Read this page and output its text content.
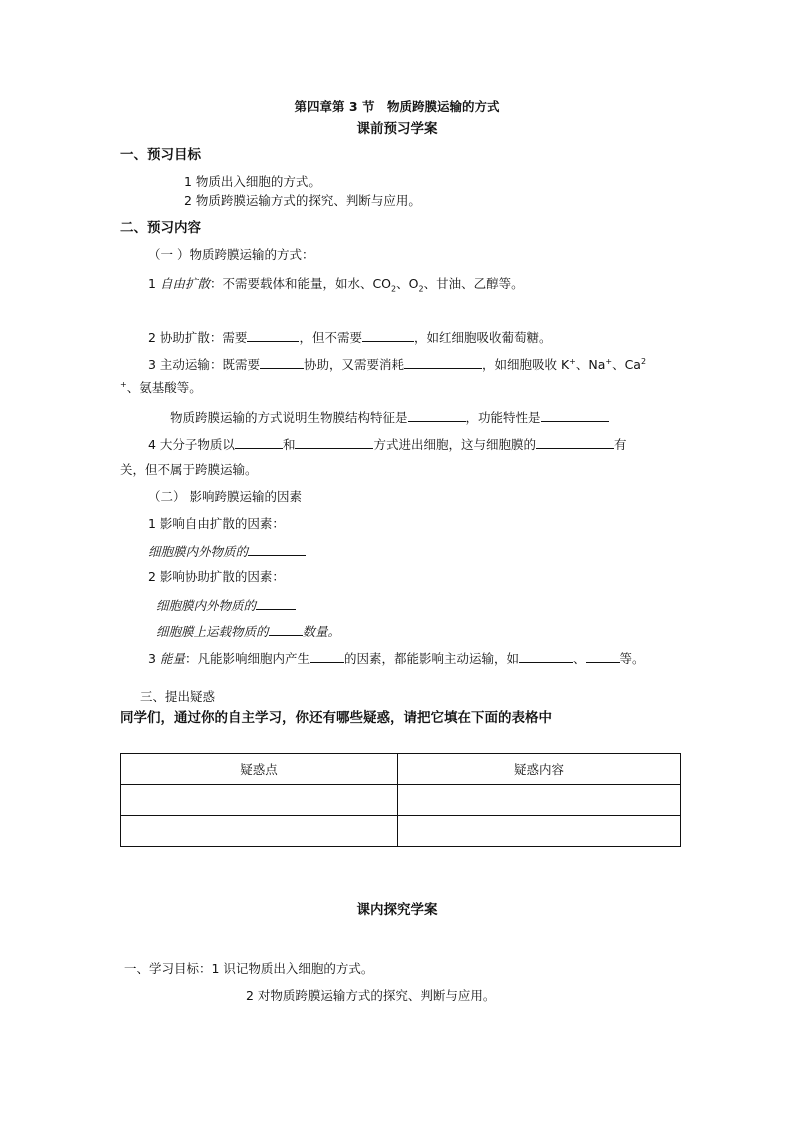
第四章第 3 节　物质跨膜运输的方式
课前预习学案
一、预习目标
1 物质出入细胞的方式。
2 物质跨膜运输方式的探究、判断与应用。
二、预习内容
（一 ）物质跨膜运输的方式：
1 自由扩散：不需要载体和能量，如水、$CO_2$、$O_2$、甘油、乙醇等。
2 协助扩散：需要	，但不需要	，如红细胞吸收葡萄糖。
3 主动运输：既需要	协助，又需要消耗	，如细胞吸收 K+、Na+、Ca$^2$
+、氨基酸等。
物质跨膜运输的方式说明生物膜结构特征是	，功能特性是
4 大分子物质以	和	方式进出细胞，这与细胞膜的	有
关，但不属于跨膜运输。
（二） 影响跨膜运输的因素
1 影响自由扩散的因素：
细胞膜内外物质的
2 影响协助扩散的因素：
细胞膜内外物质的
细胞膜上运载物质的	数量。
3 能量：凡能影响细胞内产生	的因素，都能影响主动运输，如	、	等。
三、提出疑惑
同学们，通过你的自主学习，你还有哪些疑惑，请把它填在下面的表格中
疑惑点	疑惑内容

课内探究学案
一、学习目标：1 识记物质出入细胞的方式。
2 对物质跨膜运输方式的探究、判断与应用。
